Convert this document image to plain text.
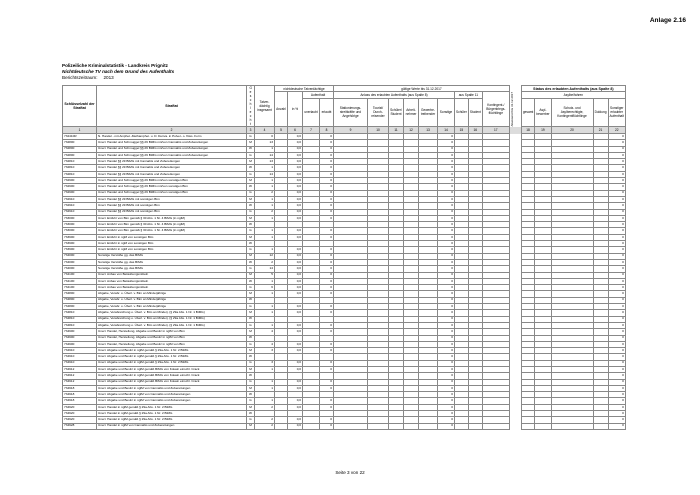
Anlage 2.16
Polizeiliche Kriminalstatistik - Landkreis Prignitz
Nichtdeutsche TV nach dem Grund des Aufenthalts
Berichtszeitraum: 2013
Schlüsselzahl der Straftat	Straftat	G e s c h l e c h t	Tatver-dächtig insgesamt	nichtdeutsche Tatverdächtige				gültige Werte bis 31.12.2017										Status des erlaubten Aufenthalts (aus Spalte 8)				
				Anzahl	in %	Aufenthalt		Anlass des erlaubten Aufenthalts (aus Spalte 8)						aus Spalte 11		Kontingent-/ Bürgerkriegs-flüchtlinge	Abwesend bis 31.12.2017	Asylbe/fahren				
						unerlaubt	erlaubt	Stationierungs-streitkräfte und Angehörige	Tourist/ Durch-reisender	Schüler/ Student	Arbeit-nehmer	Gewerbe-treibender	Sonstige	Schüler	Student			gesamt	Asyl-bewerber	Schutz- und Asylberechtigte, Kontingentflüchtlinge	Duldung	Sonstiger erlaubter Aufenthalt

1	2	3	4	5	6	7	8	9	10	11	12	13	14	15	16	17		18	19	20	21	22
732410R	N. Handel - mit Amphet.-Methamphet. u. D. Deriva. in Pulver- o. flüss. Form	G	0		0,0		0						0									0
732800	Unerl. Handel und Schmuggel §§ 29 BtMG mit/von Cannabis und Zubereitungen	M	13		0,0		0						0									0
732800	Unerl. Handel und Schmuggel §§ 29 BtMG mit/von Cannabis und Zubereitungen	W	1		0,0		0						0									0
732800	Unerl. Handel und Schmuggel §§ 29 BtMG mit/von Cannabis und Zubereitungen	G	14		0,0		0						0									0
732810	Unerl. Handel §§ 29 BtMG mit Cannabis und Zubereitungen	M	13		0,0		0						0									0
732810	Unerl. Handel §§ 29 BtMG mit Cannabis und Zubereitungen	W	1		0,0		0						0									0
732810	Unerl. Handel §§ 29 BtMG mit Cannabis und Zubereitungen	G	14		0,0		0						0									0
732900	Unerl. Handel und Schmuggel §§ 29 BtMG mit/von sonstigen Btm	M	1		0,0		0						0									0
732900	Unerl. Handel und Schmuggel §§ 29 BtMG mit/von sonstigen Btm	W	1		0,0		0						0									0
732900	Unerl. Handel und Schmuggel §§ 29 BtMG mit/von sonstigen Btm	G	2		0,0		0						0									0
732910	Unerl. Handel §§ 29 BtMG mit sonstigen Btm	M	1		0,0		0						0									0
732910	Unerl. Handel §§ 29 BtMG mit sonstigen Btm	W	1		0,0		0						0									0
732910	Unerl. Handel §§ 29 BtMG mit sonstigen Btm	G	2		0,0		0						0									0
733000	Unerl. Einfuhr von Btm gemäß § 30 Abs. 1 Nr. 4 BtMG (in nglM)	M	1		0,0		0						0									0
733000	Unerl. Einfuhr von Btm gemäß § 30 Abs. 1 Nr. 4 BtMG (in nglM)	W											0									0
733000	Unerl. Einfuhr von Btm gemäß § 30 Abs. 1 Nr. 4 BtMG (in nglM)	G	1		0,0		0						0									0
733900	Unerl. Einfuhr in ngM von sonstigen Btm	M	1		0,0		0						0									0
733900	Unerl. Einfuhr in ngM von sonstigen Btm	W											0									0
733900	Unerl. Einfuhr in ngM von sonstigen Btm	G	1		0,0		0						0									0
734000	Sonstige Verstöße gg. das BtMG	M	12		0,0		0						0									0
734000	Sonstige Verstöße gg. das BtMG	W	2		0,0		0						0									0
734000	Sonstige Verstöße gg. das BtMG	G	14		0,0		0						0									0
734100	Unerl. Anbau von Betäubungsmitteln	M	5		0,0		0						0									0
734100	Unerl. Anbau von Betäubungsmitteln	W	1		0,0		0						0									0
734100	Unerl. Anbau von Betäubungsmitteln	G	6		0,0		0						0									0
734800	Abgabe, Verabr. o. Überl. v. Btm an Minderjährige	M	1		0,0		0						0									0
734800	Abgabe, Verabr. o. Überl. v. Btm an Minderjährige	W											0									0
734800	Abgabe, Verabr. o. Überl. v. Btm an Minderjährige	G	1		0,0		0						0									0
734810	Abgabe, Verabreichung o. Überl. v. Btm an Minderj. (§ 29a Abs. 1 Nr. 1 BtMG)	M	1		0,0		0						0									0
734810	Abgabe, Verabreichung o. Überl. v. Btm an Minderj. (§ 29a Abs. 1 Nr. 1 BtMG)	W											0									0
734810	Abgabe, Verabreichung o. Überl. v. Btm an Minderj. (§ 29a Abs. 1 Nr. 1 BtMG)	G	1		0,0		0						0									0
734900	Unerl. Handel, Herstellung, Abgabe und Besitz in nglM von Btm	M	4		0,0		0						0									0
734900	Unerl. Handel, Herstellung, Abgabe und Besitz in nglM von Btm	W											0									0
734900	Unerl. Handel, Herstellung, Abgabe und Besitz in nglM von Btm	G	4		0,0		0						0									0
734910	Unerl. Abgabe und Besitz in nglM gemäß § 29a Abs. 1 Nr. 2 BtMG	M	3		0,0		0						0									0
734910	Unerl. Abgabe und Besitz in nglM gemäß § 29a Abs. 1 Nr. 2 BtMG	W											0									0
734910	Unerl. Abgabe und Besitz in nglM gemäß § 29a Abs. 1 Nr. 2 BtMG	G	3		0,0		0						0									0
734912	Unerl. Abgabe und Besitz in nglM gemäß BtMG von Kokain einschl. Crack	M	1		0,0		0						0									0
734912	Unerl. Abgabe und Besitz in nglM gemäß BtMG von Kokain einschl. Crack	W											0									0
734912	Unerl. Abgabe und Besitz in nglM gemäß BtMG von Kokain einschl. Crack	G	1		0,0		0						0									0
734918	Unerl. Abgabe und Besitz in nglM von Cannabis und Zubereitungen	M	1		0,0		0						0									0
734918	Unerl. Abgabe und Besitz in nglM von Cannabis und Zubereitungen	W											0									0
734918	Unerl. Abgabe und Besitz in nglM von Cannabis und Zubereitungen	G	1		0,0		0						0									0
734920	Unerl. Handel in nglM gemäß § 29a Abs. 1 Nr. 2 BtMG	M	2		0,0		0						0									0
734920	Unerl. Handel in nglM gemäß § 29a Abs. 1 Nr. 2 BtMG	W											0									0
734920	Unerl. Handel in nglM gemäß § 29a Abs. 1 Nr. 2 BtMG	G	2		0,0		0						0									0
734928	Unerl. Handel in nglM von Cannabis und Zubereitungen	M	2		0,0		0						0									0
Seite 3 von 22
